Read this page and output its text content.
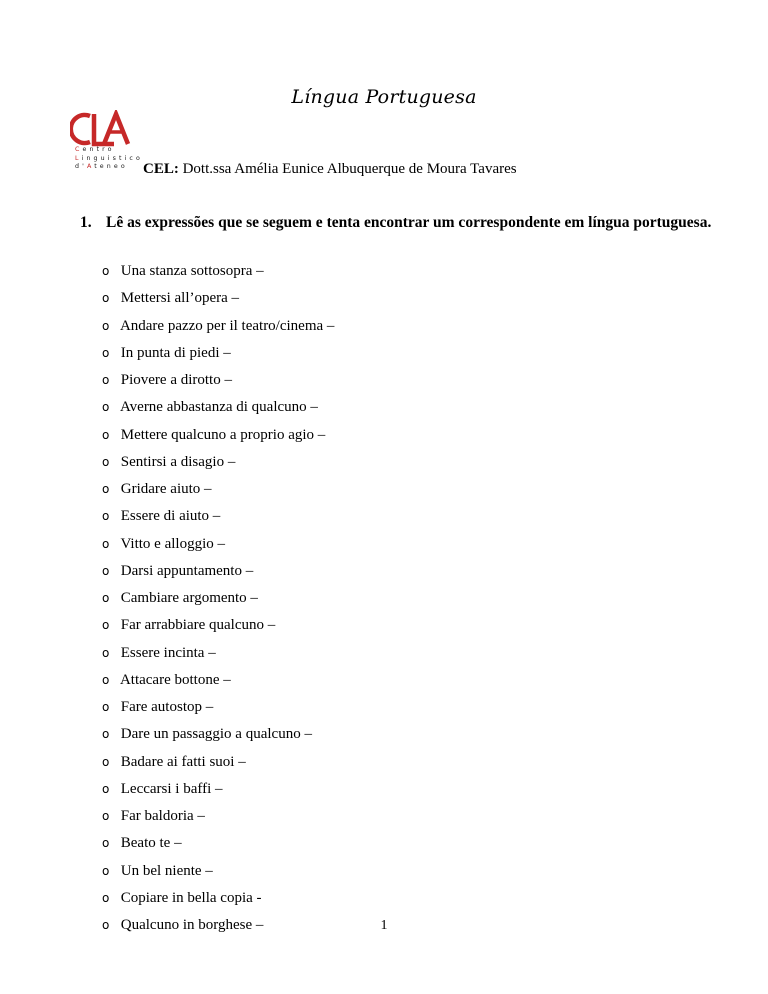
Língua Portuguesa
Centro
Linguistico
d'Ateneo	CEL: Dott.ssa Amélia Eunice Albuquerque de Moura Tavares
1. Lê as expressões que se seguem e tenta encontrar um correspondente em língua portuguesa.
o Una stanza sottosopra –
o Mettersi all’opera –
o Andare pazzo per il teatro/cinema –
o In punta di piedi –
o Piovere a dirotto –
o Averne abbastanza di qualcuno –
o Mettere qualcuno a proprio agio –
o Sentirsi a disagio –
o Gridare aiuto –
o Essere di aiuto –
o Vitto e alloggio –
o Darsi appuntamento –
o Cambiare argomento –
o Far arrabbiare qualcuno –
o Essere incinta –
o Attacare bottone –
o Fare autostop –
o Dare un passaggio a qualcuno –
o Badare ai fatti suoi –
o Leccarsi i baffi –
o Far baldoria –
o Beato te –
o Un bel niente –
o Copiare in bella copia -
o Qualcuno in borghese –	1
